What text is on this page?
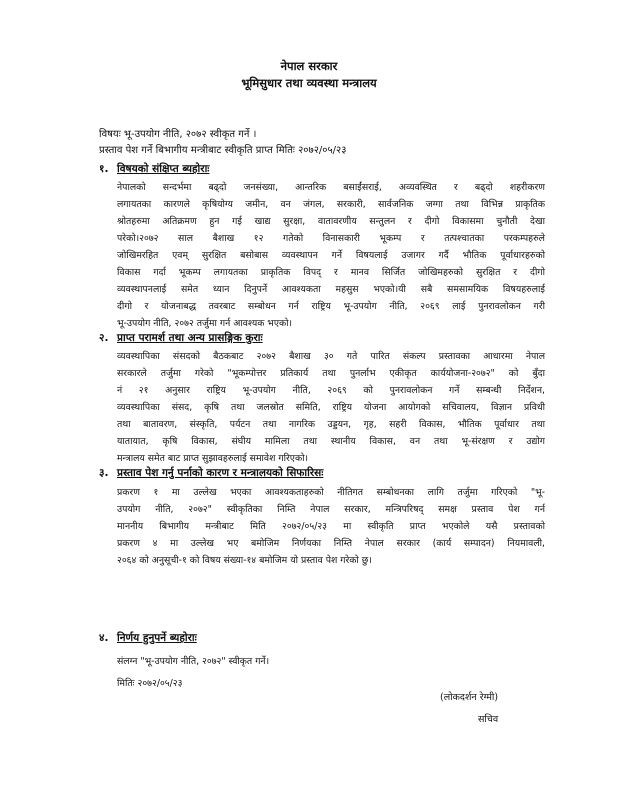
नेपाल सरकार
भूमिसुधार तथा व्यवस्था मन्त्रालय
विषयः भू-उपयोग नीति, २०७२ स्वीकृत गर्ने ।
प्रस्ताव पेश गर्ने बिभागीय मन्त्रीबाट स्वीकृति प्राप्त मितिः २०७२/०५/२३
१. विषयको संक्षिप्त ब्यहोराः
नेपालको सन्दर्भमा बढ्दो जनसंख्या, आन्तरिक बसाईंसराई, अव्यवस्थित र बढ्दो शहरीकरण
लगायतका कारणले कृषियोग्य जमीन, वन जंगल, सरकारी, सार्वजनिक जग्गा तथा विभिन्न प्राकृतिक
श्रोतहरुमा अतिक्रमण हुन गई खाद्य सुरक्षा, वातावरणीय सन्तुलन र दीगो विकासमा चुनौती देखा
परेको।२०७२ साल बैशाख १२ गतेको विनासकारी भूकम्प र तत्पश्चातका परकम्पहरुले
जोखिमरहित एवम् सुरक्षित बसोबास व्यवस्थापन गर्ने विषयलाई उजागर गर्दै भौतिक पूर्वाधारहरुको
विकास गर्दा भूकम्प लगायतका प्राकृतिक विपद् र मानव सिर्जित जोखिमहरुको सुरक्षित र दीगो
व्यवस्थापनलाई समेत ध्यान दिनुपर्ने आवश्यकता महसुस भएको।यी सबै समसामयिक विषयहरुलाई
दीगो र योजनाबद्ध तवरबाट सम्बोधन गर्न राष्ट्रिय भू-उपयोग नीति, २०६९ लाई पुनरावलोकन गरी
भू-उपयोग नीति, २०७२ तर्जुमा गर्न आवश्यक भएको।
२. प्राप्त परामर्श तथा अन्य प्रासङ्गिक कुराः
व्यवस्थापिका संसदको बैठकबाट २०७२ बैशाख ३० गते पारित संकल्प प्रस्तावका आधारमा नेपाल
सरकारले तर्जुमा गरेको "भूकम्पोत्तर प्रतिकार्य तथा पुनर्लाभ एकीकृत कार्ययोजना-२०७२" को बुँदा
नं २१ अनुसार राष्ट्रिय भू-उपयोग नीति, २०६९ को पुनरावलोकन गर्ने सम्बन्धी निर्देशन,
व्यवस्थापिका संसद, कृषि तथा जलस्रोत समिति, राष्ट्रिय योजना आयोगको सचिवालय, विज्ञान प्रविधी
तथा बातावरण, संस्कृति, पर्यटन तथा नागरिक उड्डयन, गृह, सहरी विकास, भौतिक पूर्वाधार तथा
यातायात, कृषि विकास, संघीय मामिला तथा स्थानीय विकास, वन तथा भू-संरक्षण र उद्योग
मन्त्रालय समेत बाट प्राप्त सुझावहरुलाई समावेश गरिएको।
३. प्रस्ताव पेश गर्नु पर्नाको कारण र मन्त्रालयको सिफारिसः
प्रकरण १ मा उल्लेख भएका आवश्यकताहरुको नीतिगत सम्बोधनका लागि तर्जुमा गरिएको "भू-
उपयोग नीति, २०७२" स्वीकृतिका निम्ति नेपाल सरकार, मन्त्रिपरिषद् समक्ष प्रस्ताव पेश गर्न
माननीय बिभागीय मन्त्रीबाट मिति २०७२/०५/२३ मा स्वीकृति प्राप्त भएकोले यसै प्रस्तावको
प्रकरण ४ मा उल्लेख भए बमोजिम निर्णयका निम्ति नेपाल सरकार (कार्य सम्पादन) नियमावली,
२०६४ को अनुसूची-१ को विषय संख्या-१४ बमोजिम यो प्रस्ताव पेश गरेको छु।
४. निर्णय हुनुपर्ने ब्यहोराः
संलग्न "भू-उपयोग नीति, २०७२" स्वीकृत गर्ने।
मितिः २०७२/०५/२३
(लोकदर्शन रेग्मी)
सचिव
